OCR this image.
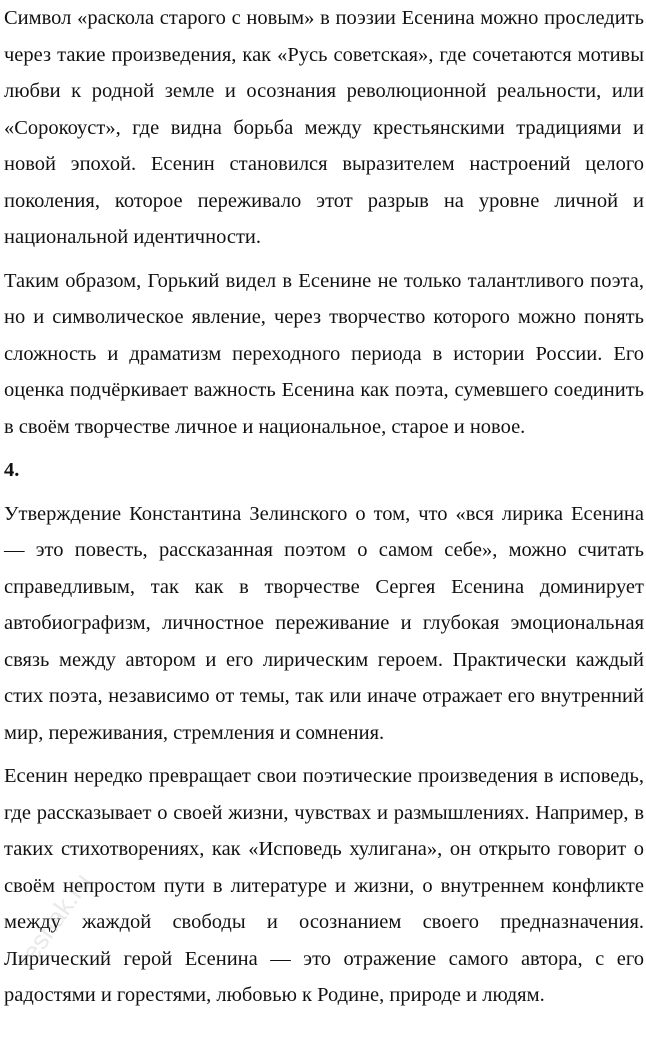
Символ «раскола старого с новым» в поэзии Есенина можно проследить через такие произведения, как «Русь советская», где сочетаются мотивы любви к родной земле и осознания революционной реальности, или «Сорокоуст», где видна борьба между крестьянскими традициями и новой эпохой. Есенин становился выразителем настроений целого поколения, которое переживало этот разрыв на уровне личной и национальной идентичности.

Таким образом, Горький видел в Есенине не только талантливого поэта, но и символическое явление, через творчество которого можно понять сложность и драматизм переходного периода в истории России. Его оценка подчёркивает важность Есенина как поэта, сумевшего соединить в своём творчестве личное и национальное, старое и новое.

4.

Утверждение Константина Зелинского о том, что «вся лирика Есенина — это повесть, рассказанная поэтом о самом себе», можно считать справедливым, так как в творчестве Сергея Есенина доминирует автобиографизм, личностное переживание и глубокая эмоциональная связь между автором и его лирическим героем. Практически каждый стих поэта, независимо от темы, так или иначе отражает его внутренний мир, переживания, стремления и сомнения.

Есенин нередко превращает свои поэтические произведения в исповедь, где рассказывает о своей жизни, чувствах и размышлениях. Например, в таких стихотворениях, как «Исповедь хулигана», он открыто говорит о своём непростом пути в литературе и жизни, о внутреннем конфликте между жаждой свободы и осознанием своего предназначения. Лирический герой Есенина — это отражение самого автора, с его радостями и горестями, любовью к Родине, природе и людям.

reshak.ru
